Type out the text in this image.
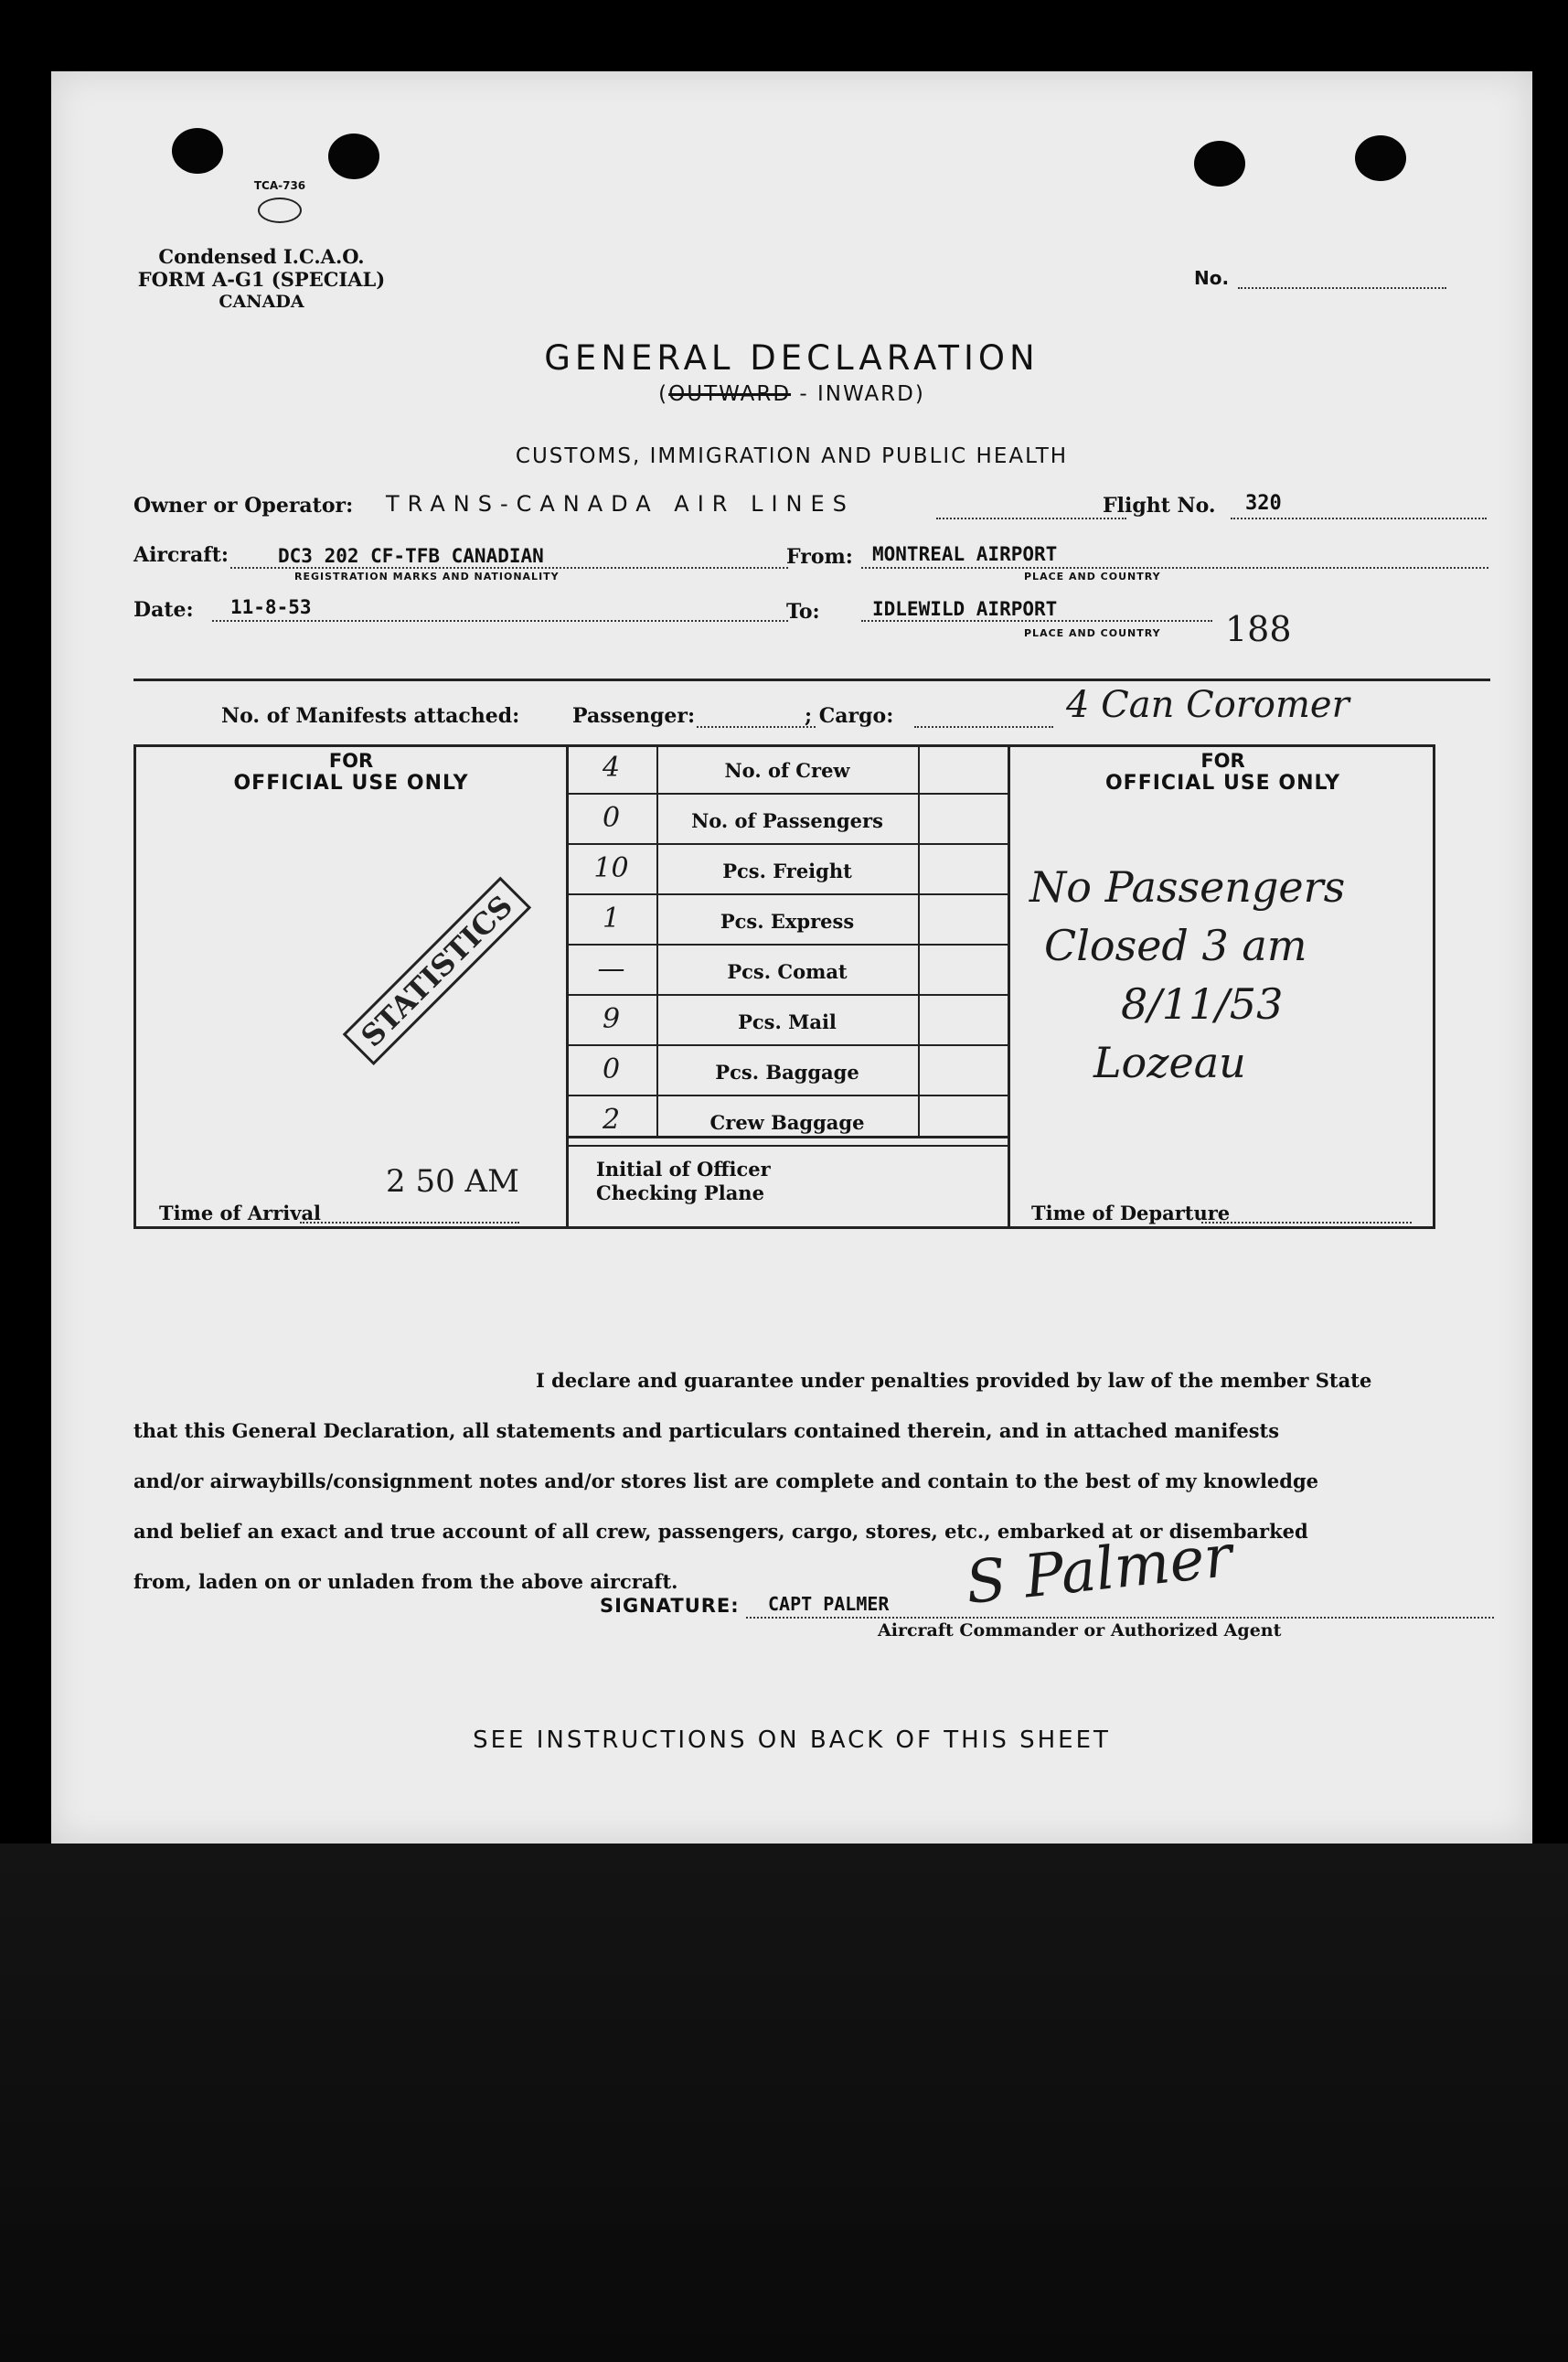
TCA-736
Condensed I.C.A.O.
FORM A-G1 (SPECIAL)
CANADA
No.
GENERAL DECLARATION
(OUTWARD - INWARD)
CUSTOMS, IMMIGRATION AND PUBLIC HEALTH
Owner or Operator: TRANS-CANADA AIR LINES	Flight No. 320
Aircraft:	DC3 202 CF-TFB CANADIAN
REGISTRATION MARKS AND NATIONALITY
From: MONTREAL AIRPORT
PLACE AND COUNTRY
Date: 11-8-53	To:	IDLEWILD AIRPORT
PLACE AND COUNTRY 188
No. of Manifests attached:	Passenger:	; Cargo:	4 Can Coromer
FOR
OFFICIAL USE ONLY
STATISTICS
Time of Arrival
2 50 AM
4	No. of Crew
0	No. of Passengers
10	Pcs. Freight
1	Pcs. Express
—	Pcs. Comat
9	Pcs. Mail
0	Pcs. Baggage
2	Crew Baggage
Initial of Officer
Checking Plane
FOR
OFFICIAL USE ONLY
No Passengers
Closed 3 am
8/11/53
Lozeau
Time of Departure
I declare and guarantee under penalties provided by law of the member State
that this General Declaration, all statements and particulars contained therein, and in attached manifests
and/or airwaybills/consignment notes and/or stores list are complete and contain to the best of my knowledge
and belief an exact and true account of all crew, passengers, cargo, stores, etc., embarked at or disembarked
from, laden on or unladen from the above aircraft.
SIGNATURE: CAPT PALMER S Palmer
Aircraft Commander or Authorized Agent
SEE INSTRUCTIONS ON BACK OF THIS SHEET
